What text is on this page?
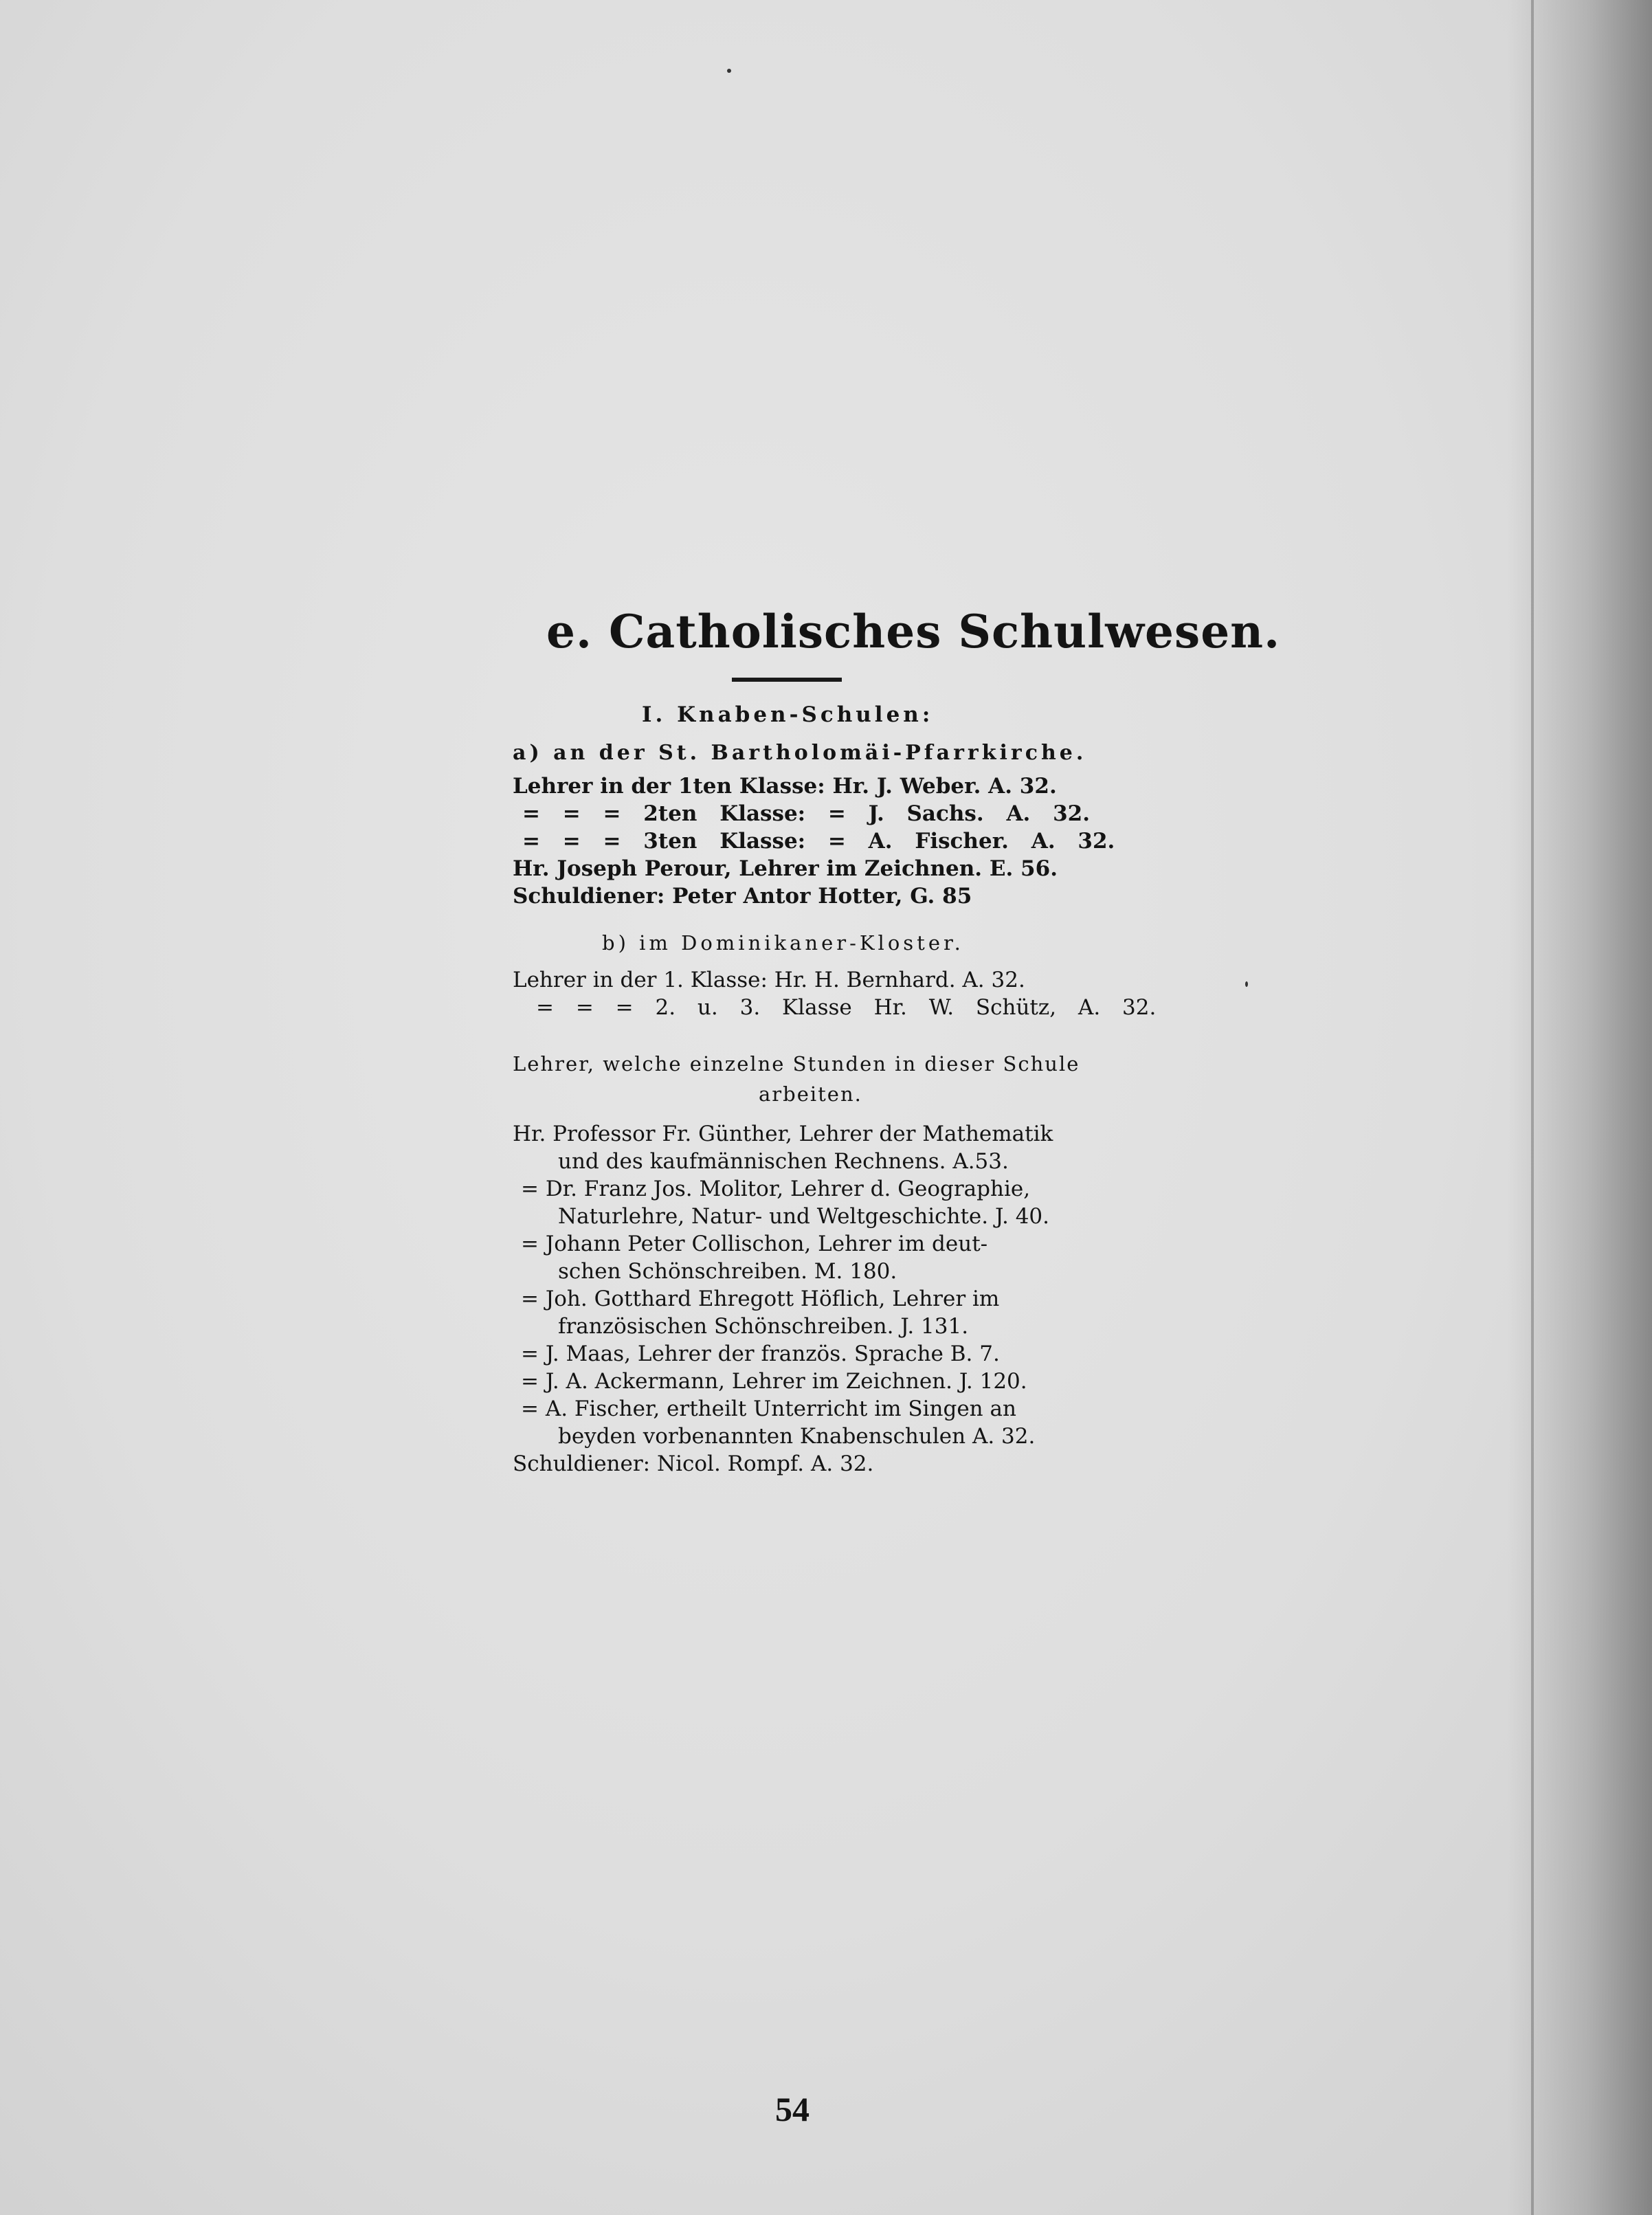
e. Catholisches Schulwesen.
I. Knaben-Schulen:
a) an der St. Bartholomäi-Pfarrkirche.
Lehrer in der 1ten Klasse: Hr. J. Weber. A. 32.
= = = 2ten Klasse: = J. Sachs. A. 32.
= = = 3ten Klasse: = A. Fischer. A. 32.
Hr. Joseph Perour, Lehrer im Zeichnen. E. 56.
Schuldiener: Peter Antor Hotter, G. 85
b) im Dominikaner-Kloster.
Lehrer in der 1. Klasse: Hr. H. Bernhard. A. 32.
= = = 2. u. 3. Klasse Hr. W. Schütz, A. 32.
Lehrer, welche einzelne Stunden in dieser Schule
arbeiten.
Hr. Professor Fr. Günther, Lehrer der Mathematik
und des kaufmännischen Rechnens. A.53.
= Dr. Franz Jos. Molitor, Lehrer d. Geographie,
Naturlehre, Natur- und Weltgeschichte. J. 40.
= Johann Peter Collischon, Lehrer im deut-
schen Schönschreiben. M. 180.
= Joh. Gotthard Ehregott Höflich, Lehrer im
französischen Schönschreiben. J. 131.
= J. Maas, Lehrer der französ. Sprache B. 7.
= J. A. Ackermann, Lehrer im Zeichnen. J. 120.
= A. Fischer, ertheilt Unterricht im Singen an
beyden vorbenannten Knabenschulen A. 32.
Schuldiener: Nicol. Rompf. A. 32.
54
